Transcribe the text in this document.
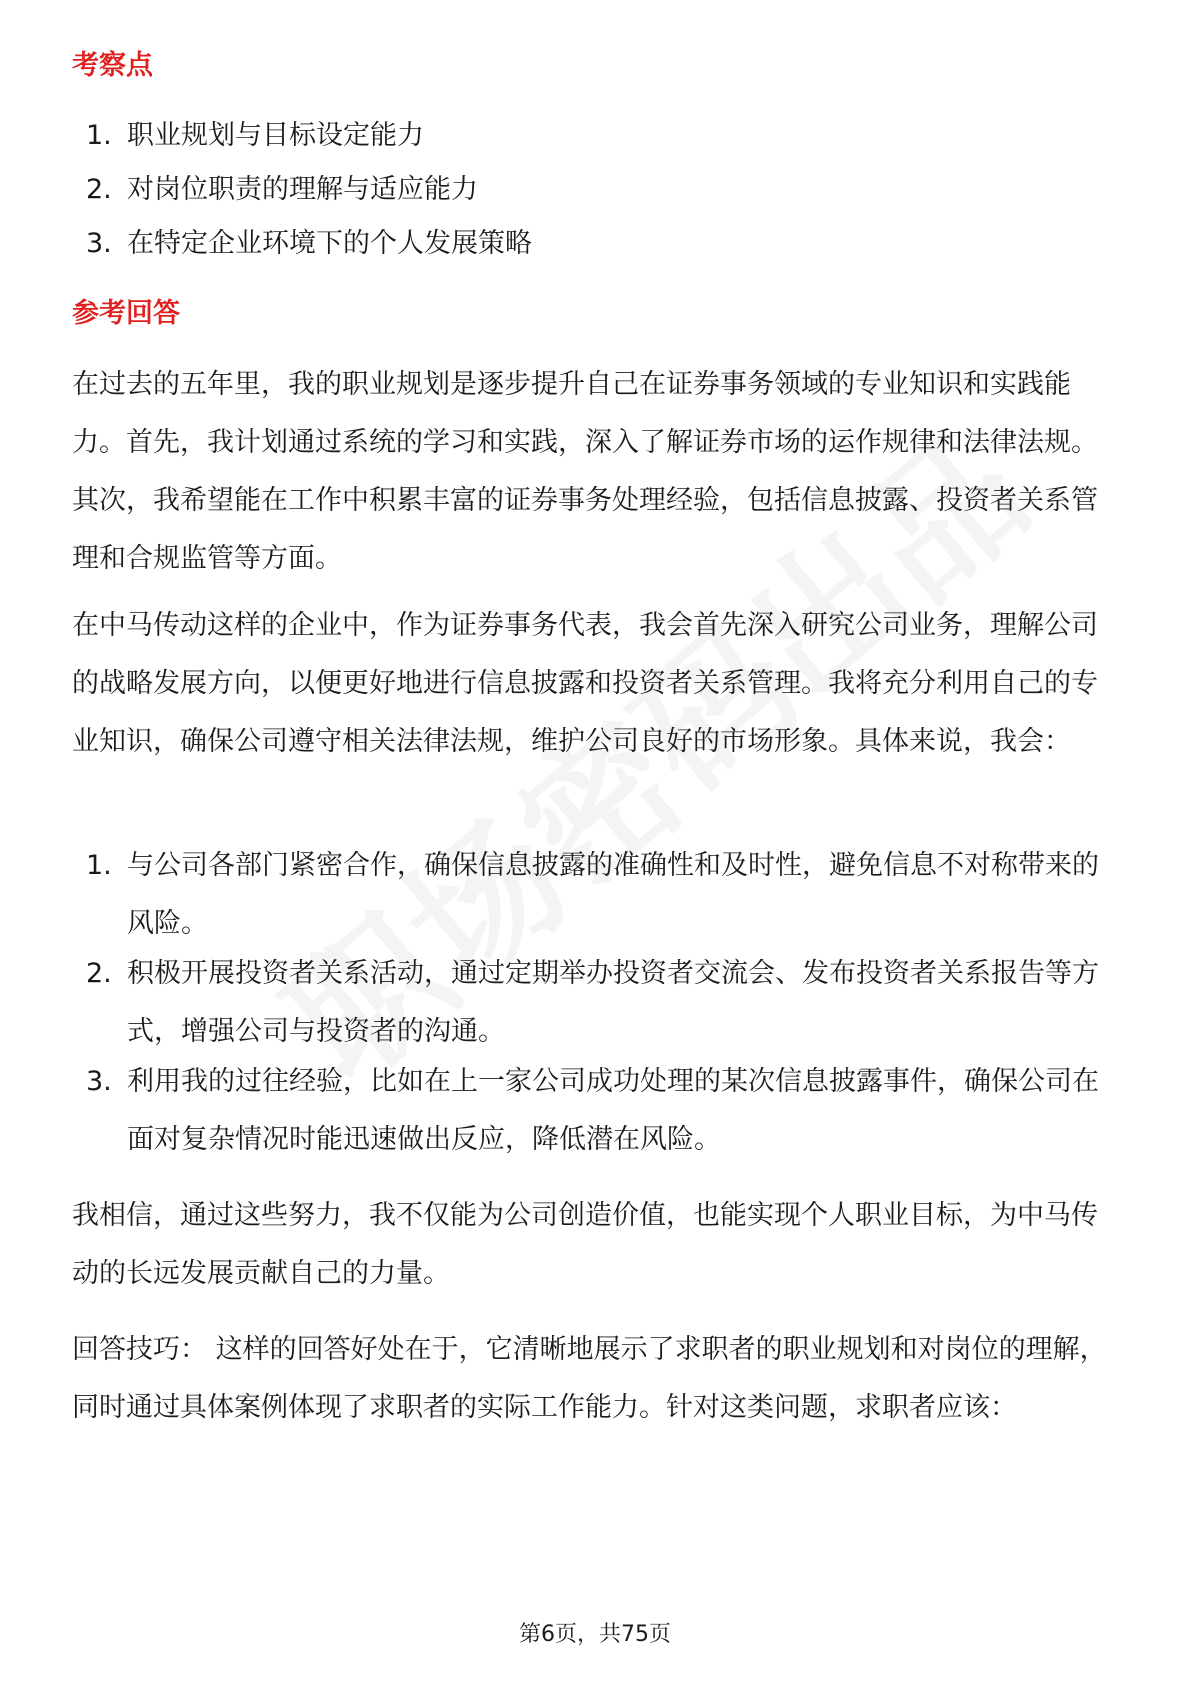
考察点
1. 职业规划与目标设定能力
2. 对岗位职责的理解与适应能力
3. 在特定企业环境下的个人发展策略
参考回答
在过去的五年里，我的职业规划是逐步提升自己在证券事务领域的专业知识和实践能力。首先，我计划通过系统的学习和实践，深入了解证券市场的运作规律和法律法规。其次，我希望能在工作中积累丰富的证券事务处理经验，包括信息披露、投资者关系管理和合规监管等方面。
在中马传动这样的企业中，作为证券事务代表，我会首先深入研究公司业务，理解公司的战略发展方向，以便更好地进行信息披露和投资者关系管理。我将充分利用自己的专业知识，确保公司遵守相关法律法规，维护公司良好的市场形象。具体来说，我会：
1. 与公司各部门紧密合作，确保信息披露的准确性和及时性，避免信息不对称带来的风险。
2. 积极开展投资者关系活动，通过定期举办投资者交流会、发布投资者关系报告等方式，增强公司与投资者的沟通。
3. 利用我的过往经验，比如在上一家公司成功处理的某次信息披露事件，确保公司在面对复杂情况时能迅速做出反应，降低潜在风险。
我相信，通过这些努力，我不仅能为公司创造价值，也能实现个人职业目标，为中马传动的长远发展贡献自己的力量。
回答技巧： 这样的回答好处在于，它清晰地展示了求职者的职业规划和对岗位的理解，同时通过具体案例体现了求职者的实际工作能力。针对这类问题，求职者应该：
第6页，共75页
